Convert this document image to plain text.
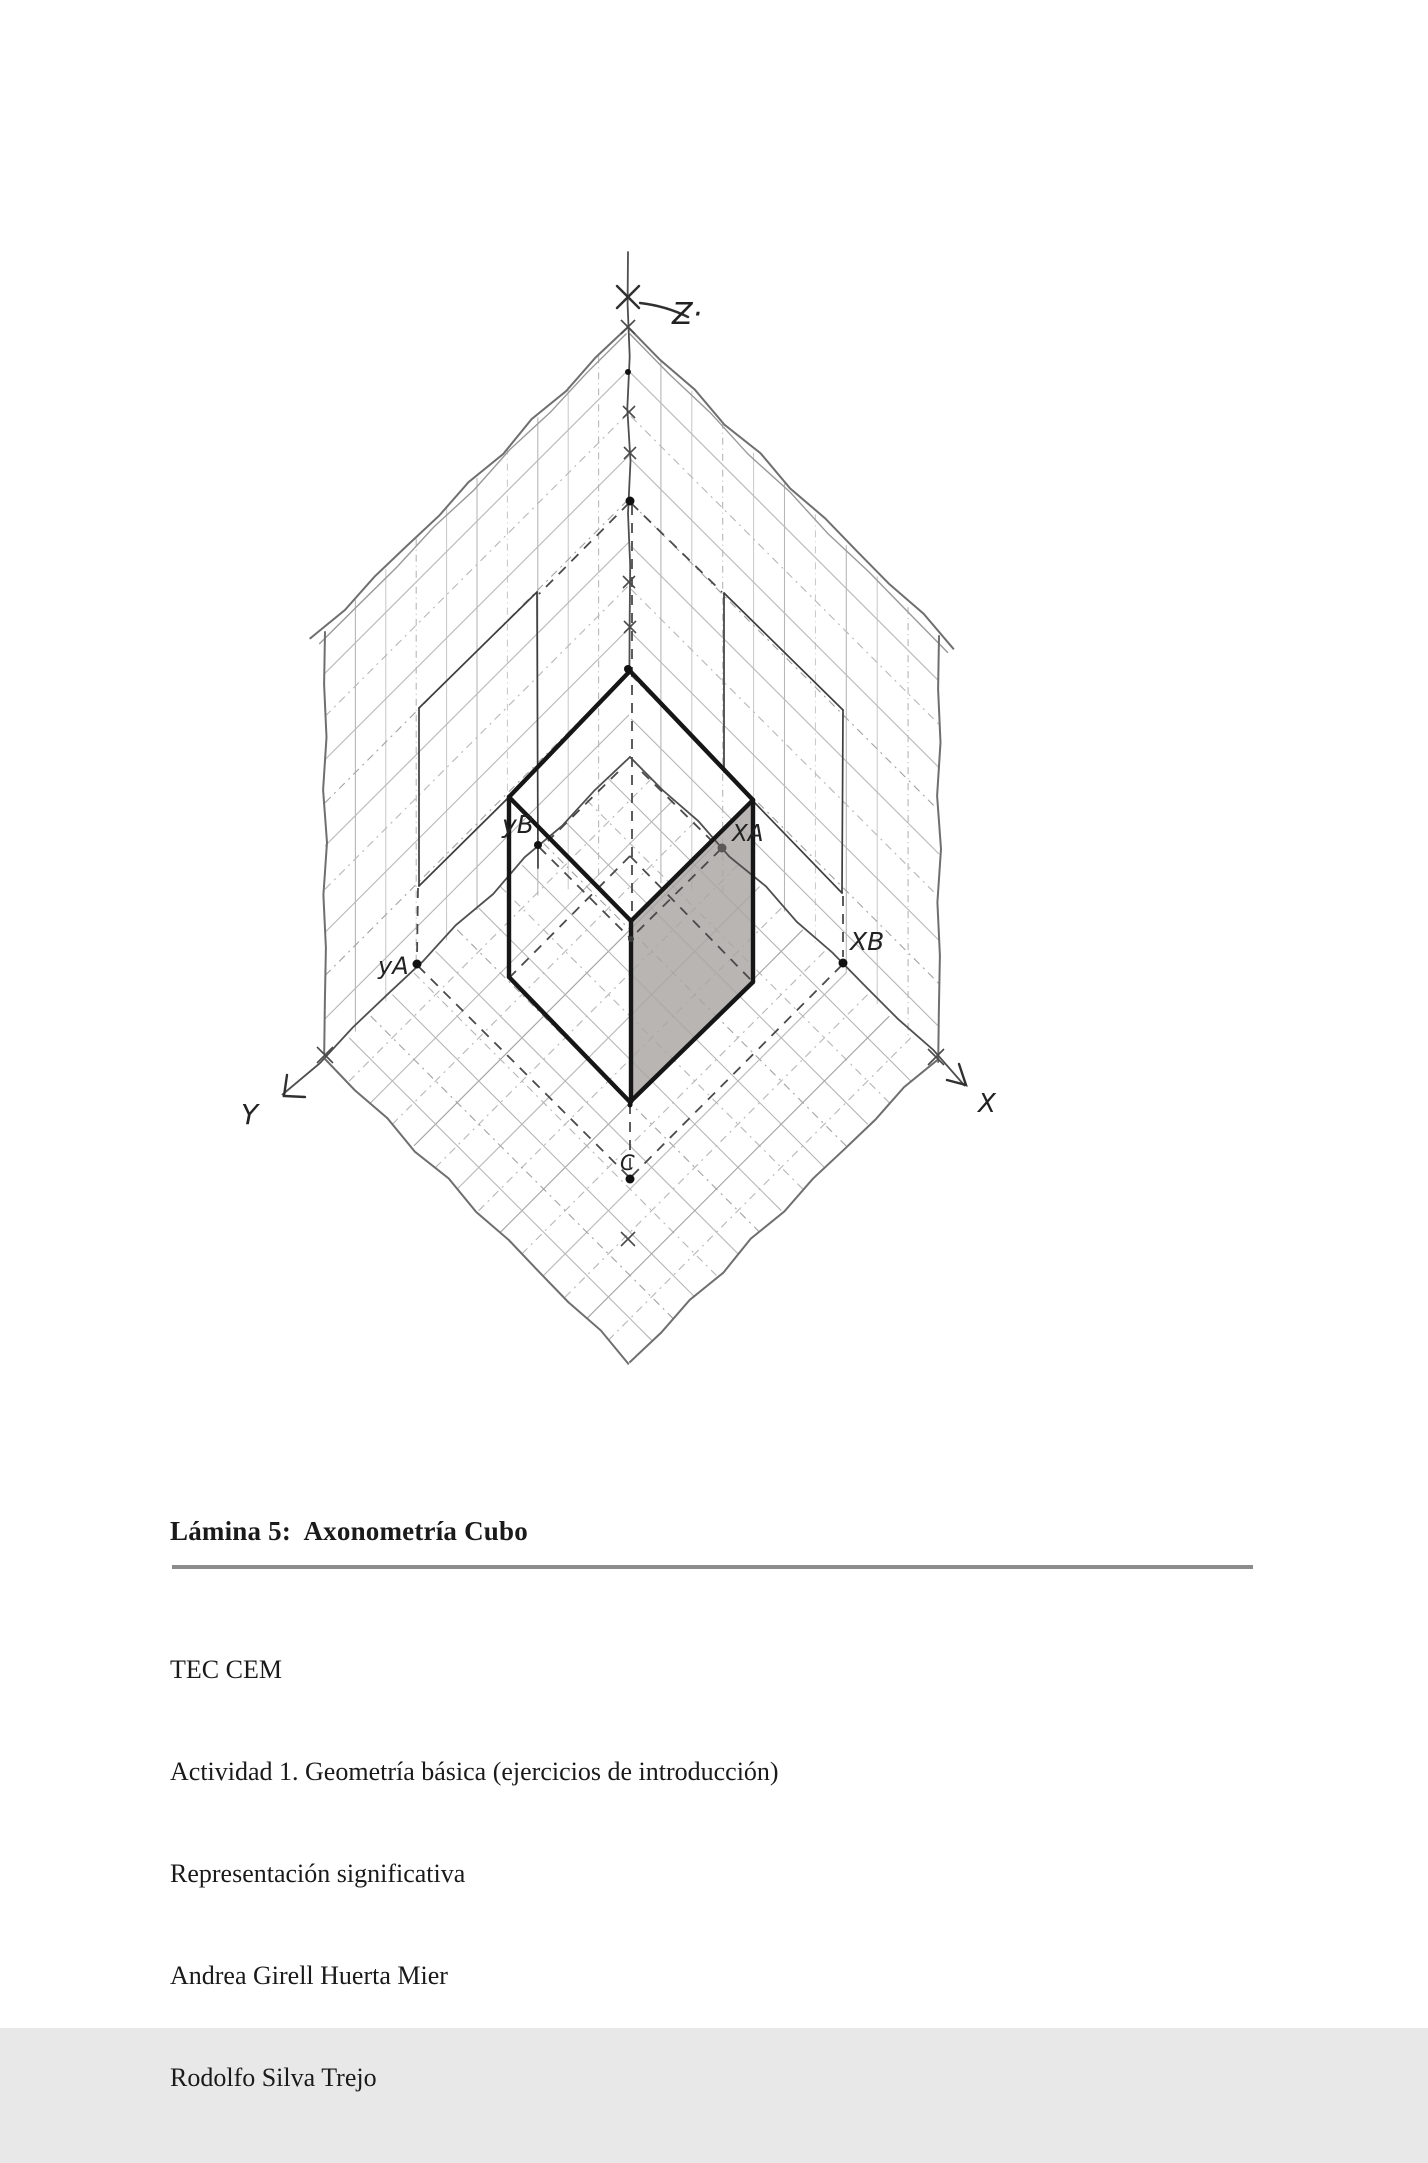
Z·
yB	XA
yA
XB
C
Y	X
Lámina 5:  Axonometría Cubo

TEC CEM

Actividad 1. Geometría básica (ejercicios de introducción)

Representación significativa

Andrea Girell Huerta Mier

Rodolfo Silva Trejo
